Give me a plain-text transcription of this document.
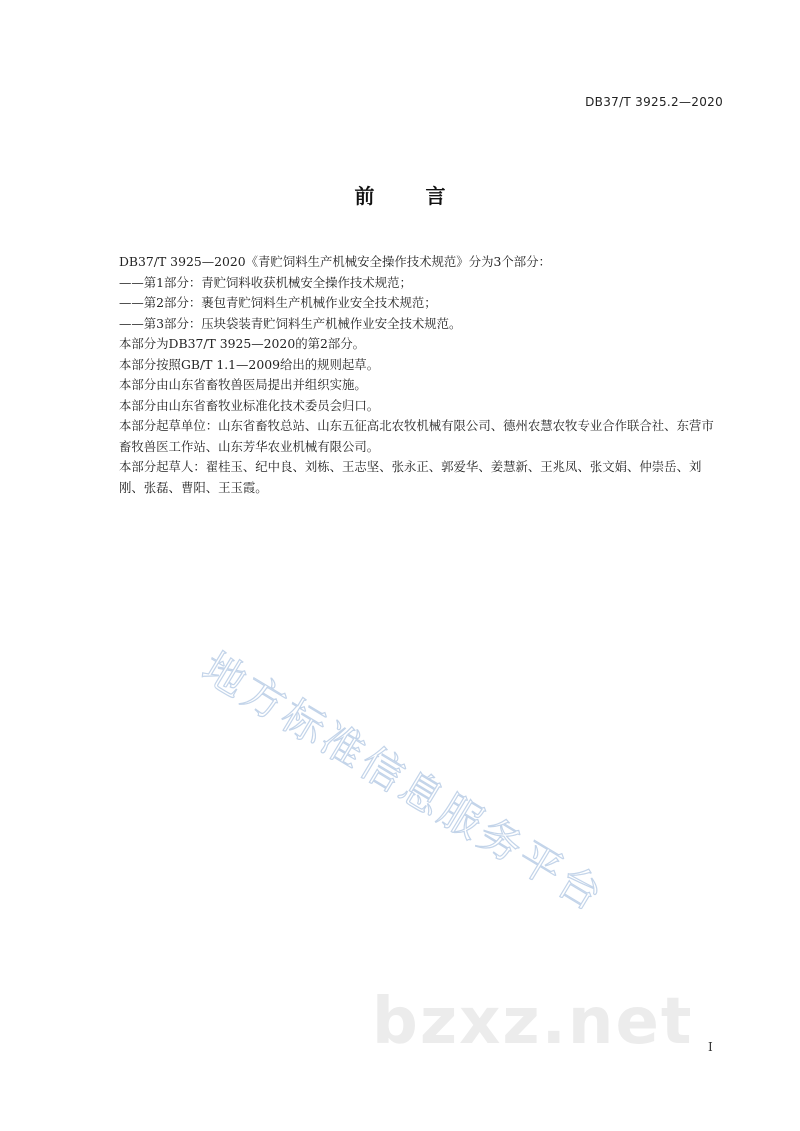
DB37/T 3925.2—2020
前 言

DB37/T 3925—2020《青贮饲料生产机械安全操作技术规范》分为3个部分：

——第1部分：青贮饲料收获机械安全操作技术规范；

——第2部分：裹包青贮饲料生产机械作业安全技术规范；

——第3部分：压块袋装青贮饲料生产机械作业安全技术规范。

本部分为DB37/T 3925—2020的第2部分。

本部分按照GB/T 1.1—2009给出的规则起草。

本部分由山东省畜牧兽医局提出并组织实施。

本部分由山东省畜牧业标准化技术委员会归口。

本部分起草单位：山东省畜牧总站、山东五征高北农牧机械有限公司、德州农慧农牧专业合作联合社、东营市畜牧兽医工作站、山东芳华农业机械有限公司。

本部分起草人：翟桂玉、纪中良、刘栋、王志坚、张永正、郭爱华、姜慧新、王兆凤、张文娟、仲崇岳、刘刚、张磊、曹阳、王玉霞。

地方标准信息服务平台
bzxz.net I
